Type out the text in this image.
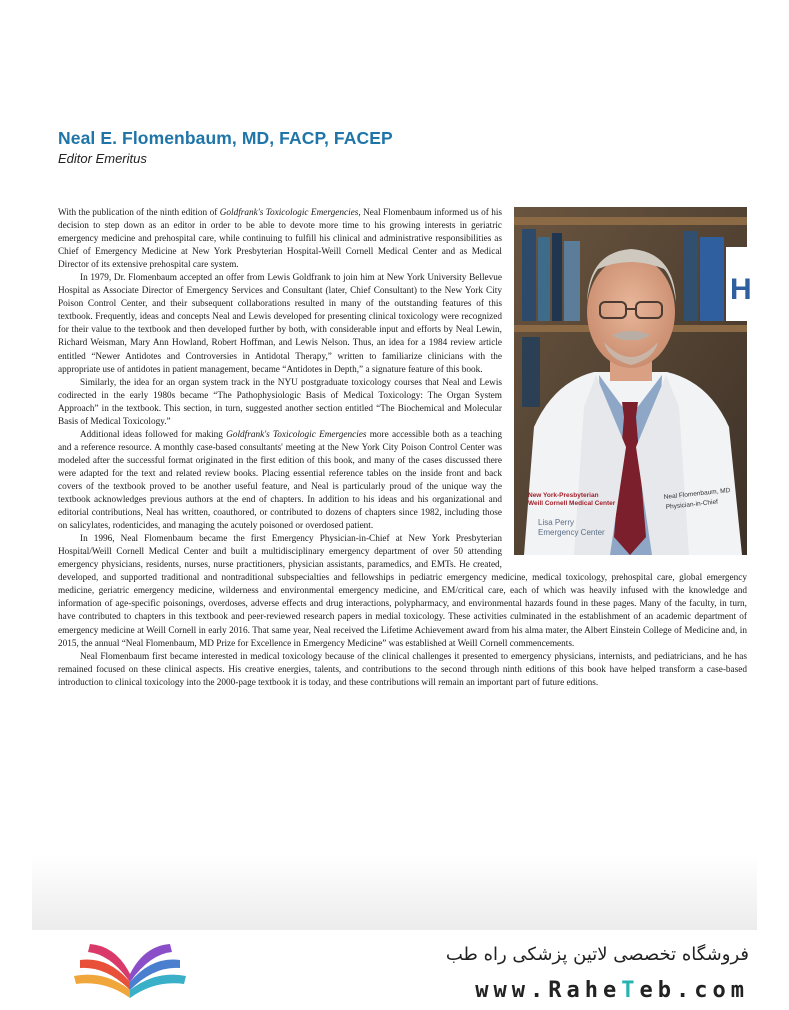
Neal E. Flomenbaum, MD, FACP, FACEP
Editor Emeritus
H
New York-Presbyterian
Weill Cornell Medical Center
Lisa Perry
Emergency Center
Neal Flomenbaum, MD
Physician-in-Chief

With the publication of the ninth edition of Goldfrank's Toxicologic Emergencies, Neal Flomenbaum informed us of his decision to step down as an editor in order to be able to devote more time to his growing interests in geriatric emergency medicine and prehospital care, while continuing to fulfill his clinical and administrative responsibilities as Chief of Emergency Medicine at New York Presbyterian Hospital-Weill Cornell Medical Center and as Medical Director of its extensive prehospital care system.

In 1979, Dr. Flomenbaum accepted an offer from Lewis Goldfrank to join him at New York University Bellevue Hospital as Associate Director of Emergency Services and Consultant (later, Chief Consultant) to the New York City Poison Control Center, and their subsequent collaborations resulted in many of the outstanding features of this textbook. Frequently, ideas and concepts Neal and Lewis developed for presenting clinical toxicology were recognized for their value to the textbook and then developed further by both, with considerable input and efforts by Neal Lewin, Richard Weisman, Mary Ann Howland, Robert Hoffman, and Lewis Nelson. Thus, an idea for a 1984 review article entitled “Newer Antidotes and Controversies in Antidotal Therapy,” written to familiarize clinicians with the appropriate use of antidotes in patient management, became “Antidotes in Depth,” a signature feature of this book.

Similarly, the idea for an organ system track in the NYU postgraduate toxicology courses that Neal and Lewis codirected in the early 1980s became “The Pathophysiologic Basis of Medical Toxicology: The Organ System Approach” in the textbook. This section, in turn, suggested another section entitled “The Biochemical and Molecular Basis of Medical Toxicology.”

Additional ideas followed for making Goldfrank's Toxicologic Emergencies more accessible both as a teaching and a reference resource. A monthly case-based consultants' meeting at the New York City Poison Control Center was modeled after the successful format originated in the first edition of this book, and many of the cases discussed there were adapted for the text and related review books. Placing essential reference tables on the inside front and back covers of the textbook proved to be another useful feature, and Neal is particularly proud of the unique way the textbook acknowledges previous authors at the end of chapters. In addition to his ideas and his organizational and editorial contributions, Neal has written, coauthored, or contributed to dozens of chapters since 1982, including those on salicylates, rodenticides, and managing the acutely poisoned or overdosed patient.

In 1996, Neal Flomenbaum became the first Emergency Physician-in-Chief at New York Presbyterian Hospital/Weill Cornell Medical Center and built a multidisciplinary emergency department of over 50 attending emergency physicians, residents, nurses, nurse practitioners, physician assistants, paramedics, and EMTs. He created, developed, and supported traditional and nontraditional subspecialties and fellowships in pediatric emergency medicine, medical toxicology, prehospital care, global emergency medicine, geriatric emergency medicine, wilderness and environmental emergency medicine, and EM/critical care, each of which was heavily infused with the knowledge and information of age-specific poisonings, overdoses, adverse effects and drug interactions, polypharmacy, and environmental hazards found in these pages. Many of the faculty, in turn, have contributed to chapters in this textbook and peer-reviewed research papers in medial toxicology. These activities culminated in the establishment of an academic department of emergency medicine at Weill Cornell in early 2016. That same year, Neal received the Lifetime Achievement award from his alma mater, the Albert Einstein College of Medicine and, in 2015, the annual “Neal Flomenbaum, MD Prize for Excellence in Emergency Medicine” was established at Weill Cornell commencements.

Neal Flomenbaum first became interested in medical toxicology because of the clinical challenges it presented to emergency physicians, internists, and pediatricians, and he has remained focused on these clinical aspects. His creative energies, talents, and contributions to the second through ninth editions of this book have helped transform a case-based introduction to clinical toxicology into the 2000-page textbook it is today, and these contributions will remain an important part of future editions.

فروشگاه تخصصی لاتین پزشکی راه طب
www.RaheTeb.com
